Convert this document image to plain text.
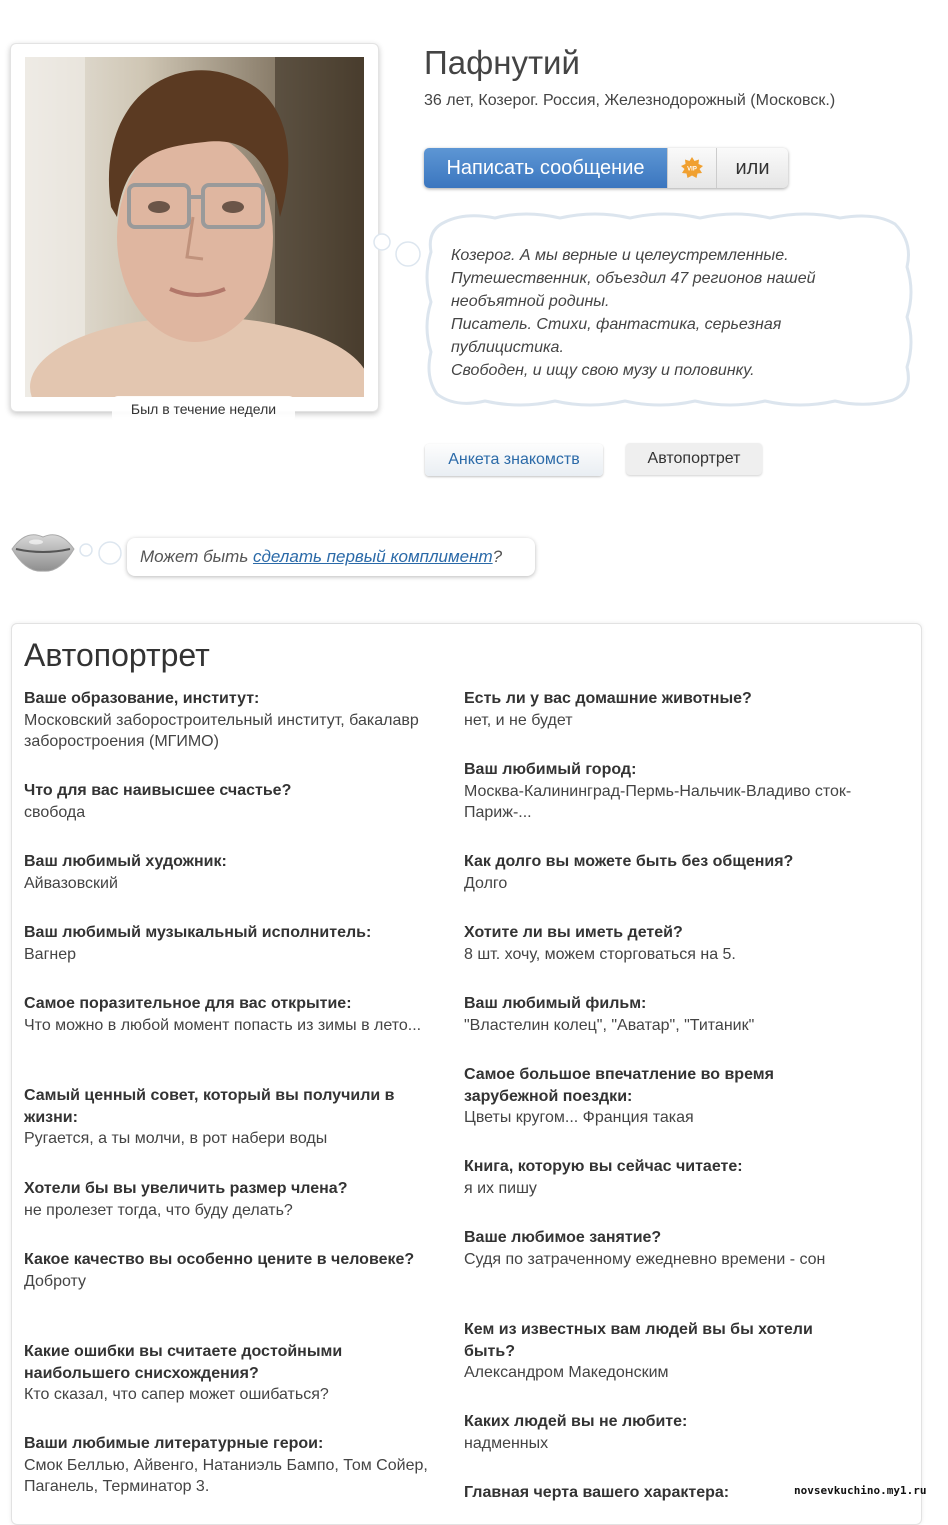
Был в течение недели
Пафнутий
36 лет, Козерог. Россия, Железнодорожный (Московск.)
Написать сообщение	VIP	или
Козерог. А мы верные и целеустремленные.
Путешественник, объездил 47 регионов нашей
необъятной родины.
Писатель. Стихи, фантастика, серьезная
публицистика.
Свободен, и ищу свою музу и половинку.
Анкета знакомств	Автопортрет
Может быть сделать первый комплимент?
Автопортрет
Ваше образование, институт:
Московский заборостроительный институт, бакалавр заборостроения (МГИМО)
Что для вас наивысшее счастье?
свобода
Ваш любимый художник:
Айвазовский
Ваш любимый музыкальный исполнитель:
Вагнер
Самое поразительное для вас открытие:
Что можно в любой момент попасть из зимы в лето...
Самый ценный совет, который вы получили в жизни:
Ругается, а ты молчи, в рот набери воды
Хотели бы вы увеличить размер члена?
не пролезет тогда, что буду делать?
Какое качество вы особенно цените в человеке?
Доброту
Какие ошибки вы считаете достойными наибольшего снисхождения?
Кто сказал, что сапер может ошибаться?
Ваши любимые литературные герои:
Смок Беллью, Айвенго, Натаниэль Бампо, Том Сойер, Паганель, Терминатор 3.
Есть ли у вас домашние животные?
нет, и не будет
Ваш любимый город:
Москва-Калининград-Пермь-Нальчик-Владиво сток-Париж-...
Как долго вы можете быть без общения?
Долго
Хотите ли вы иметь детей?
8 шт. хочу, можем сторговаться на 5.
Ваш любимый фильм:
"Властелин колец", "Аватар", "Титаник"
Самое большое впечатление во время зарубежной поездки:
Цветы кругом... Франция такая
Книга, которую вы сейчас читаете:
я их пишу
Ваше любимое занятие?
Судя по затраченному ежедневно времени - сон
Кем из известных вам людей вы бы хотели быть?
Александром Македонским
Каких людей вы не любите:
надменных
Главная черта вашего характера:	novsevkuchino.my1.ru
